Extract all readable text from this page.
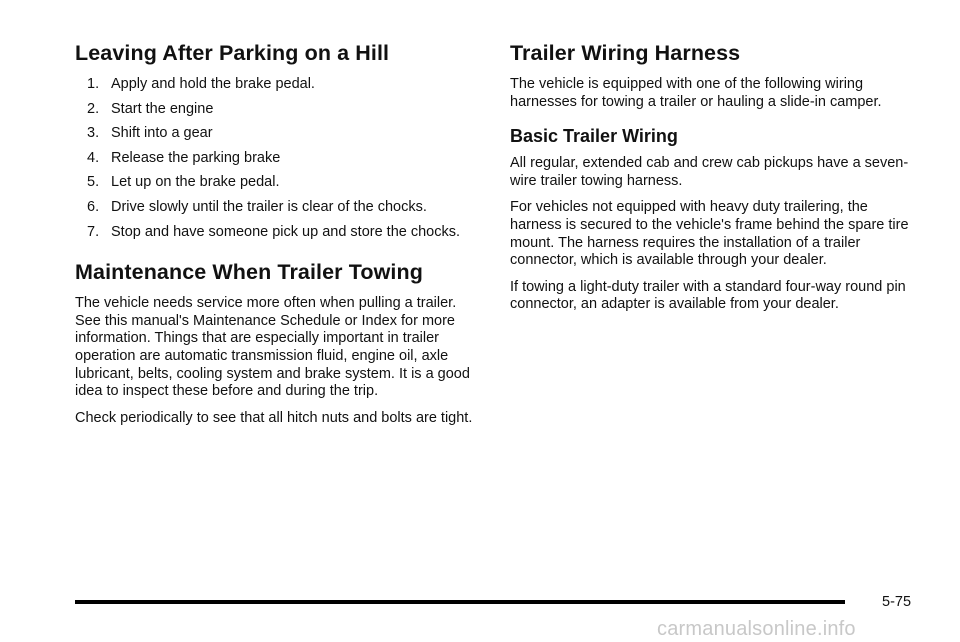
Leaving After Parking on a Hill
1. Apply and hold the brake pedal.
2. Start the engine
3. Shift into a gear
4. Release the parking brake
5. Let up on the brake pedal.
6. Drive slowly until the trailer is clear of the chocks.
7. Stop and have someone pick up and store the chocks.
Maintenance When Trailer Towing

The vehicle needs service more often when pulling a trailer. See this manual's Maintenance Schedule or Index for more information. Things that are especially important in trailer operation are automatic transmission fluid, engine oil, axle lubricant, belts, cooling system and brake system. It is a good idea to inspect these before and during the trip.

Check periodically to see that all hitch nuts and bolts are tight.

Trailer Wiring Harness

The vehicle is equipped with one of the following wiring harnesses for towing a trailer or hauling a slide-in camper.

Basic Trailer Wiring

All regular, extended cab and crew cab pickups have a seven-wire trailer towing harness.

For vehicles not equipped with heavy duty trailering, the harness is secured to the vehicle's frame behind the spare tire mount. The harness requires the installation of a trailer connector, which is available through your dealer.

If towing a light-duty trailer with a standard four-way round pin connector, an adapter is available from your dealer.

5-75
carmanualsonline.info
